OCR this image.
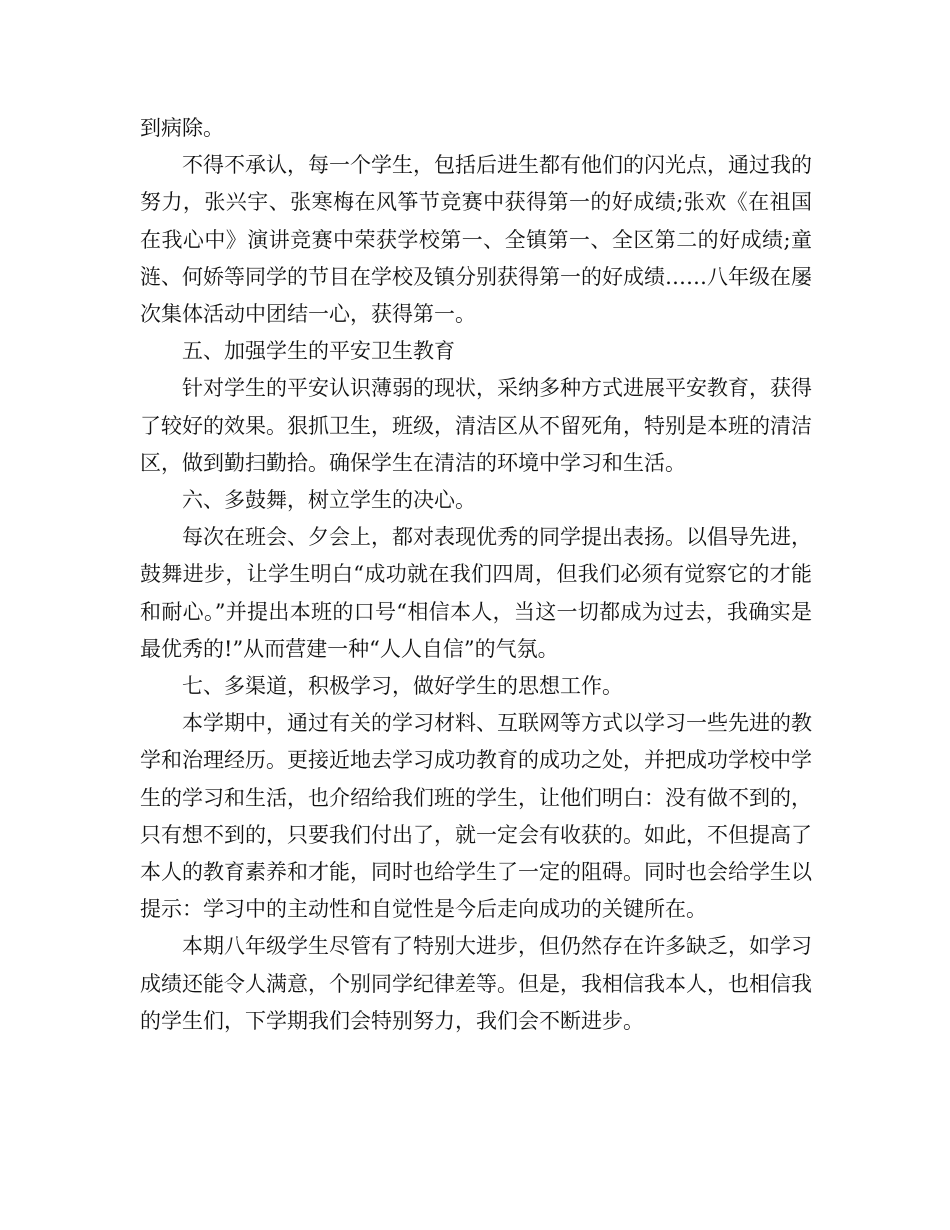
到病除。

不得不承认，每一个学生，包括后进生都有他们的闪光点，通过我的努力，张兴宇、张寒梅在风筝节竞赛中获得第一的好成绩;张欢《在祖国在我心中》演讲竞赛中荣获学校第一、全镇第一、全区第二的好成绩;童涟、何娇等同学的节目在学校及镇分别获得第一的好成绩……八年级在屡次集体活动中团结一心，获得第一。

五、加强学生的平安卫生教育

针对学生的平安认识薄弱的现状，采纳多种方式进展平安教育，获得了较好的效果。狠抓卫生，班级，清洁区从不留死角，特别是本班的清洁区，做到勤扫勤拾。确保学生在清洁的环境中学习和生活。

六、多鼓舞，树立学生的决心。

每次在班会、夕会上，都对表现优秀的同学提出表扬。以倡导先进，鼓舞进步，让学生明白“成功就在我们四周，但我们必须有觉察它的才能和耐心。”并提出本班的口号“相信本人，当这一切都成为过去，我确实是最优秀的!”从而营建一种“人人自信”的气氛。

七、多渠道，积极学习，做好学生的思想工作。

本学期中，通过有关的学习材料、互联网等方式以学习一些先进的教学和治理经历。更接近地去学习成功教育的成功之处，并把成功学校中学生的学习和生活，也介绍给我们班的学生，让他们明白：没有做不到的，只有想不到的，只要我们付出了，就一定会有收获的。如此，不但提高了本人的教育素养和才能，同时也给学生了一定的阻碍。同时也会给学生以提示：学习中的主动性和自觉性是今后走向成功的关键所在。

本期八年级学生尽管有了特别大进步，但仍然存在许多缺乏，如学习成绩还能令人满意，个别同学纪律差等。但是，我相信我本人，也相信我的学生们，下学期我们会特别努力，我们会不断进步。
